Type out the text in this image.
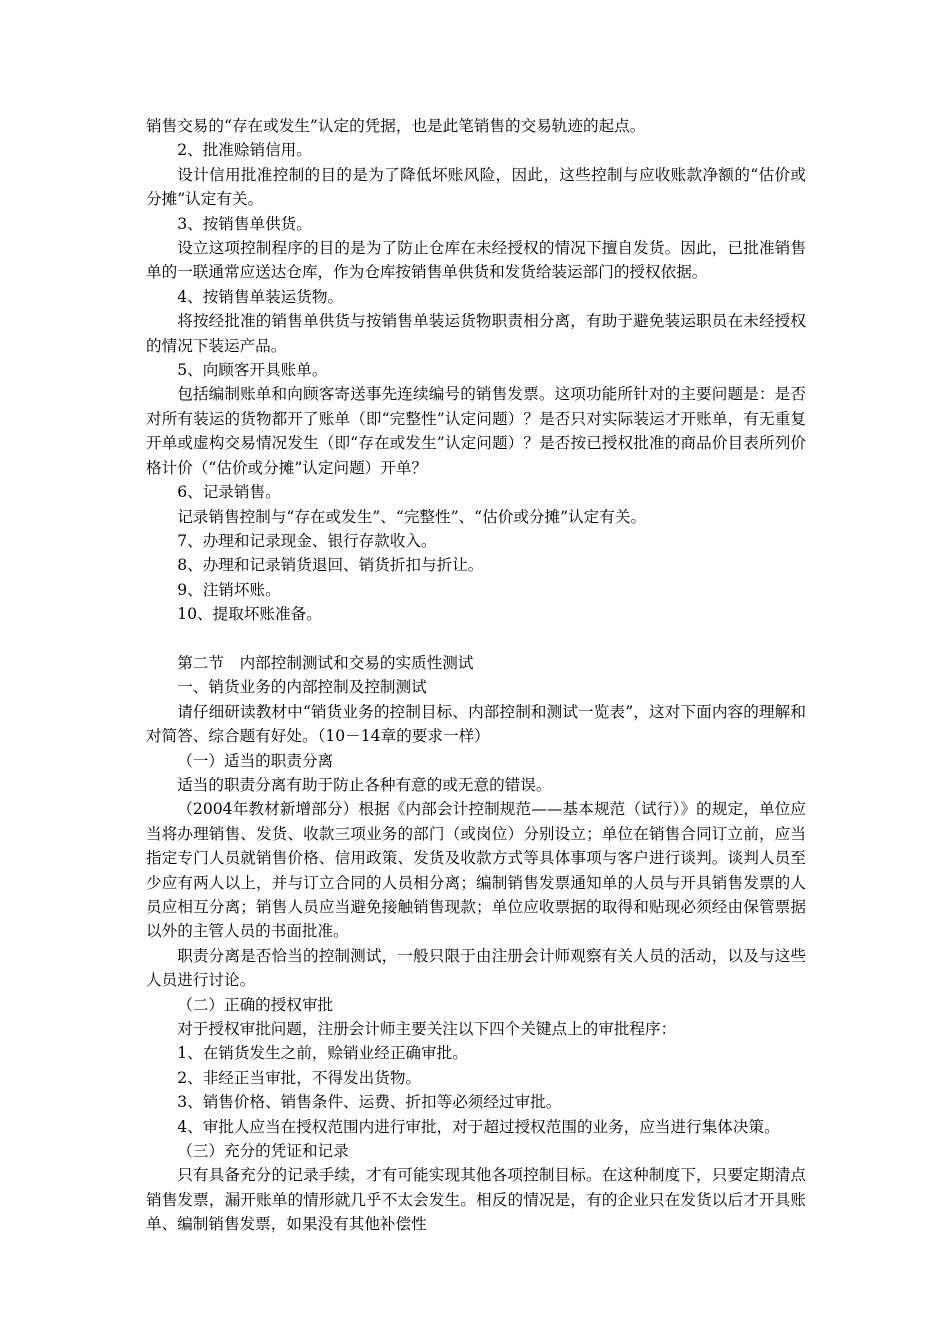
销售交易的“存在或发生”认定的凭据，也是此笔销售的交易轨迹的起点。

2、批准赊销信用。

设计信用批准控制的目的是为了降低坏账风险，因此，这些控制与应收账款净额的“估价或分摊”认定有关。

3、按销售单供货。

设立这项控制程序的目的是为了防止仓库在未经授权的情况下擅自发货。因此，已批准销售单的一联通常应送达仓库，作为仓库按销售单供货和发货给装运部门的授权依据。

4、按销售单装运货物。

将按经批准的销售单供货与按销售单装运货物职责相分离，有助于避免装运职员在未经授权的情况下装运产品。

5、向顾客开具账单。

包括编制账单和向顾客寄送事先连续编号的销售发票。这项功能所针对的主要问题是：是否对所有装运的货物都开了账单（即“完整性”认定问题）？是否只对实际装运才开账单，有无重复开单或虚构交易情况发生（即“存在或发生”认定问题）？是否按已授权批准的商品价目表所列价格计价（“估价或分摊”认定问题）开单？

6、记录销售。

记录销售控制与“存在或发生”、“完整性”、“估价或分摊”认定有关。

7、办理和记录现金、银行存款收入。

8、办理和记录销货退回、销货折扣与折让。

9、注销坏账。

10、提取坏账准备。

第二节　内部控制测试和交易的实质性测试

一、销货业务的内部控制及控制测试

请仔细研读教材中“销货业务的控制目标、内部控制和测试一览表”，这对下面内容的理解和对简答、综合题有好处。（10－14章的要求一样）

（一）适当的职责分离

适当的职责分离有助于防止各种有意的或无意的错误。

（2004年教材新增部分）根据《内部会计控制规范——基本规范（试行）》的规定，单位应当将办理销售、发货、收款三项业务的部门（或岗位）分别设立；单位在销售合同订立前，应当指定专门人员就销售价格、信用政策、发货及收款方式等具体事项与客户进行谈判。谈判人员至少应有两人以上，并与订立合同的人员相分离；编制销售发票通知单的人员与开具销售发票的人员应相互分离；销售人员应当避免接触销售现款；单位应收票据的取得和贴现必须经由保管票据以外的主管人员的书面批准。

职责分离是否恰当的控制测试，一般只限于由注册会计师观察有关人员的活动，以及与这些人员进行讨论。

（二）正确的授权审批

对于授权审批问题，注册会计师主要关注以下四个关键点上的审批程序：

1、在销货发生之前，赊销业经正确审批。

2、非经正当审批，不得发出货物。

3、销售价格、销售条件、运费、折扣等必须经过审批。

4、审批人应当在授权范围内进行审批，对于超过授权范围的业务，应当进行集体决策。

（三）充分的凭证和记录

只有具备充分的记录手续，才有可能实现其他各项控制目标。在这种制度下，只要定期清点销售发票，漏开账单的情形就几乎不太会发生。相反的情况是，有的企业只在发货以后才开具账单、编制销售发票，如果没有其他补偿性
